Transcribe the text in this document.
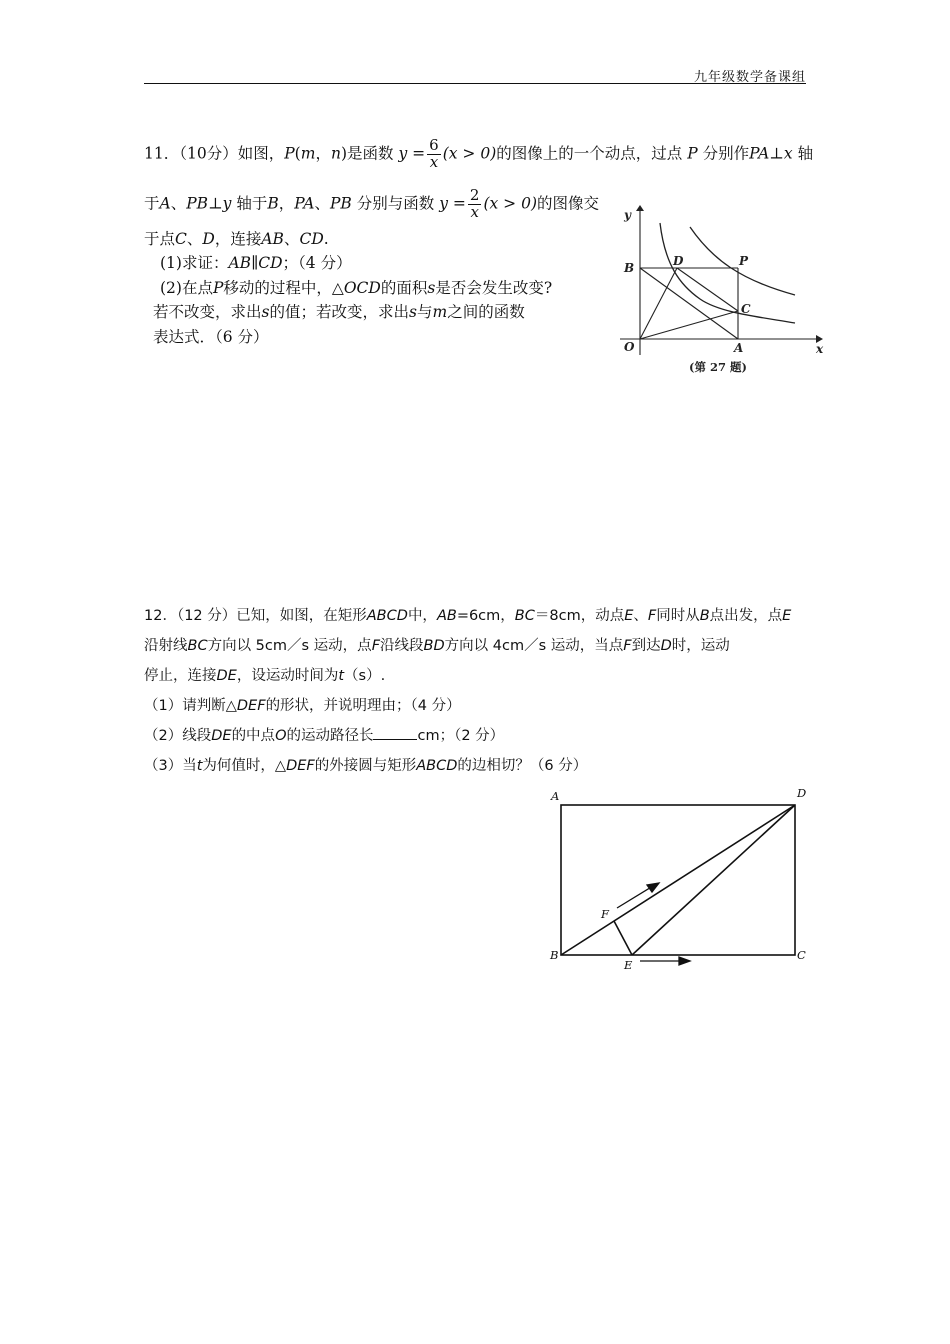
九年级数学备课组
11．（10分）如图，P(m，n)是函数 $y = \frac{6}{x} (x > 0)$的图像上的一个动点，过点 P 分别作PA⊥x 轴
于A、PB⊥y 轴于B，PA、PB 分别与函数 $y = \frac{2}{x} (x > 0)$的图像交
于点C、D，连接AB、CD.
(1)求证：AB∥CD；（4 分）
(2)在点P移动的过程中，△OCD的面积s是否会发生改变?
若不改变，求出s的值；若改变，求出s与m之间的函数
表达式．（6 分）
y
B	D	P
C
O	A	x
(第 27 题)
12．（12 分）已知，如图，在矩形ABCD中，AB=6cm，BC＝8cm，动点E、F同时从B点出发，点E
沿射线BC方向以 5cm／s 运动，点F沿线段BD方向以 4cm／s 运动，当点F到达D时，运动
停止，连接DE，设运动时间为t（s）.
（1）请判断△DEF的形状，并说明理由；（4 分）
（2）线段DE的中点O的运动路径长	cm；（2 分）
（3）当t为何值时，△DEF的外接圆与矩形ABCD的边相切？（6 分）
A	D
F
B
E
C
